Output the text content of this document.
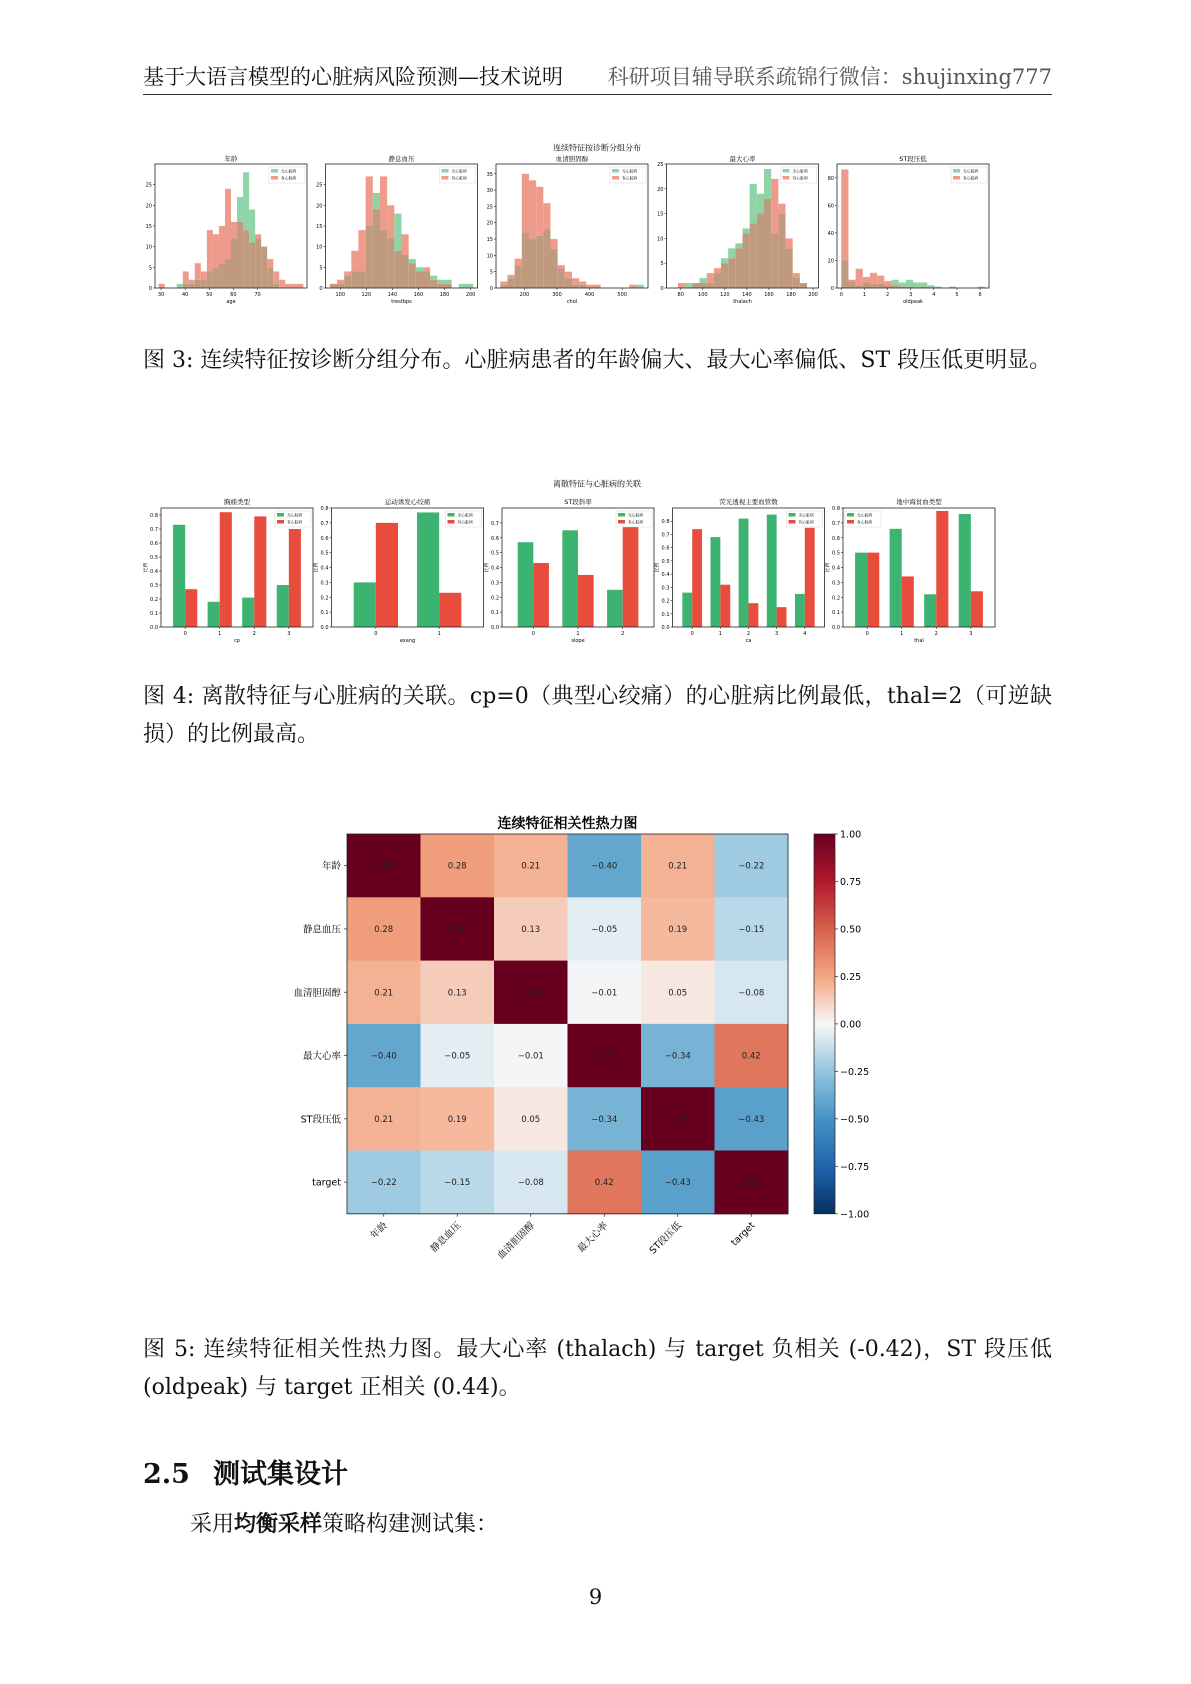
基于大语言模型的心脏病风险预测—技术说明 科研项目辅导联系疏锦行微信：shujinxing777
连续特征按诊断分组分布
年龄
0
5
10
15
20
25
30	40	50	60	70
age
无心脏病
有心脏病
静息血压
0
5
10
15
20
25
100	120	140	160	180	200
trestbps
无心脏病
有心脏病
血清胆固醇
0
5
10
15
20
25
30
35
200	300	400	500
chol
无心脏病
有心脏病
最大心率
0
5
10
15
20
25
80	100	120	140	160	180	200
thalach
无心脏病
有心脏病
ST段压低
0
20
40
60
80
0	1	2	3	4	5	6
oldpeak
无心脏病
有心脏病
图 3: 连续特征按诊断分组分布。心脏病患者的年龄偏大、最大心率偏低、ST 段压低更明显。
离散特征与心脏病的关联
胸痛类型
0	1	2	3
0.0
0.1
0.2
0.3
0.4
0.5
0.6
0.7
0.8
比例
cp
无心脏病
有心脏病
运动诱发心绞痛
0	1
0.0
0.1
0.2
0.3
0.4
0.5
0.6
0.7
0.8
比例
exang
无心脏病
有心脏病
ST段斜率
0	1	2
0.0
0.1
0.2
0.3
0.4
0.5
0.6
0.7
比例
slope
无心脏病
有心脏病
荧光透视主要血管数
0	1	2	3	4
0.0
0.1
0.2
0.3
0.4
0.5
0.6
0.7
0.8
比例
ca
无心脏病
有心脏病
地中海贫血类型
0	1	2	3
0.0
0.1
0.2
0.3
0.4
0.5
0.6
0.7
0.8
比例
thal
无心脏病
有心脏病
图 4: 离散特征与心脏病的关联。cp=0（典型心绞痛）的心脏病比例最低，thal=2（可逆缺损）的比例最高。
连续特征相关性热力图
1.00	0.28	0.21	−0.40	0.21	−0.22
0.28	1.00	0.13	−0.05	0.19	−0.15
0.21	0.13	1.00	−0.01	0.05	−0.08
−0.40	−0.05	−0.01	1.00	−0.34	0.42
0.21	0.19	0.05	−0.34	1.00	−0.43
−0.22	−0.15	−0.08	0.42	−0.43	1.00
年龄
年龄
静息血压
静息血压
血清胆固醇
血清胆固醇
最大心率
最大心率
ST段压低
ST段压低
target
target
1.00
0.75
0.50
0.25
0.00
−0.25
−0.50
−0.75
−1.00
图 5: 连续特征相关性热力图。最大心率 (thalach) 与 target 负相关 (-0.42)，ST 段压低 (oldpeak) 与 target 正相关 (0.44)。
2.5 测试集设计
采用均衡采样策略构建测试集：
9
